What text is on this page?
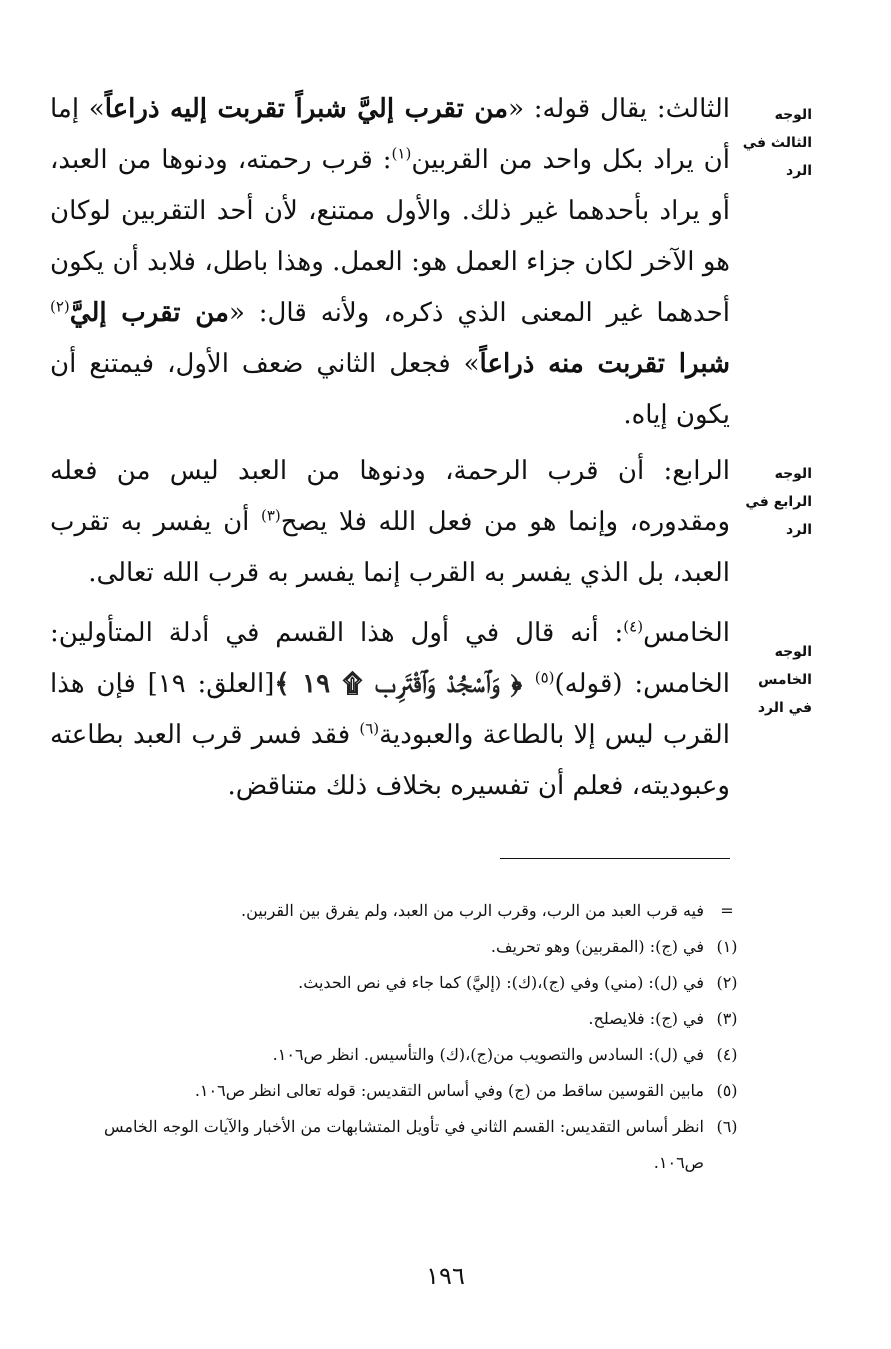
الوجه الثالث في الرد
الوجه الرابع في الرد
الوجه الخامس في الرد
الثالث: يقال قوله: «من تقرب إليَّ شبراً تقربت إليه ذراعاً» إما أن يراد بكل واحد من القربين$^{(١)}$: قرب رحمته، ودنوها من العبد، أو يراد بأحدهما غير ذلك. والأول ممتنع، لأن أحد التقربين لوكان هو الآخر لكان جزاء العمل هو: العمل. وهذا باطل، فلابد أن يكون أحدهما غير المعنى الذي ذكره، ولأنه قال: «من تقرب إليَّ$^{(٢)}$ شبرا تقربت منه ذراعاً» فجعل الثاني ضعف الأول، فيمتنع أن يكون إياه.
الرابع: أن قرب الرحمة، ودنوها من العبد ليس من فعله ومقدوره، وإنما هو من فعل الله فلا يصح$^{(٣)}$ أن يفسر به تقرب العبد، بل الذي يفسر به القرب إنما يفسر به قرب الله تعالى.
الخامس$^{(٤)}$: أنه قال في أول هذا القسم في أدلة المتأولين: الخامس: (قوله)$^{(٥)}$ ﴿ وَٱسْجُدْ وَٱقْتَرِب ۩ ١٩ ﴾[العلق: ١٩] فإن هذا القرب ليس إلا بالطاعة والعبودية$^{(٦)}$ فقد فسر قرب العبد بطاعته وعبوديته، فعلم أن تفسيره بخلاف ذلك متناقض.
=
فيه قرب العبد من الرب، وقرب الرب من العبد، ولم يفرق بين القربين.
(١)
في (ج): (المقربين) وهو تحريف.
(٢)
في (ل): (مني) وفي (ج)،(ك): (إليَّ) كما جاء في نص الحديث.
(٣)
في (ج): فلايصلح.
(٤)
في (ل): السادس والتصويب من(ج)،(ك) والتأسيس. انظر ص١٠٦.
(٥)
مابين القوسين ساقط من (ج) وفي أساس التقديس: قوله تعالى انظر ص١٠٦.
(٦)
انظر أساس التقديس: القسم الثاني في تأويل المتشابهات من الأخبار والآيات الوجه الخامس ص١٠٦.
١٩٦
